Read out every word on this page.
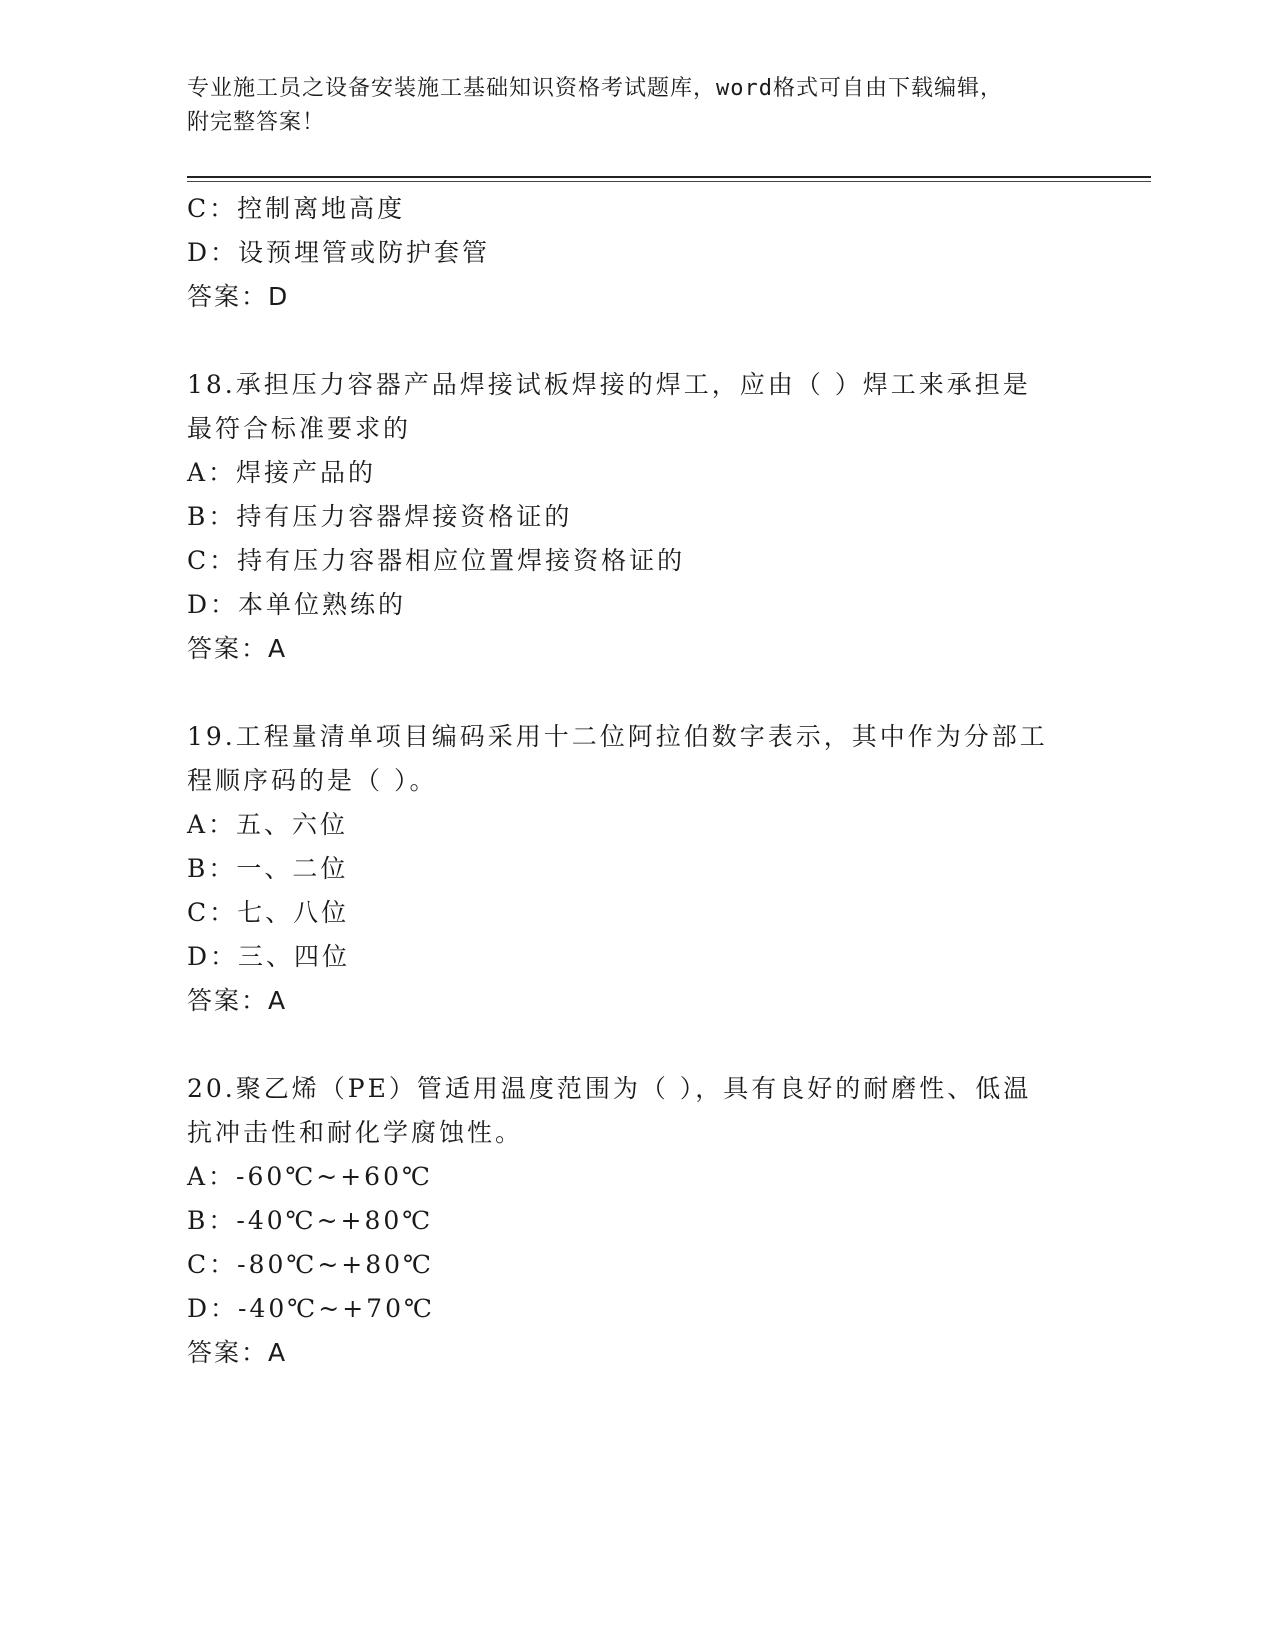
专业施工员之设备安装施工基础知识资格考试题库，word格式可自由下载编辑，
附完整答案！
C：控制离地高度
D：设预埋管或防护套管
答案：D
18.承担压力容器产品焊接试板焊接的焊工，应由（ ）焊工来承担是
最符合标准要求的
A：焊接产品的
B：持有压力容器焊接资格证的
C：持有压力容器相应位置焊接资格证的
D：本单位熟练的
答案：A
19.工程量清单项目编码采用十二位阿拉伯数字表示，其中作为分部工
程顺序码的是（ ）。
A：五、六位
B：一、二位
C：七、八位
D：三、四位
答案：A
20.聚乙烯（PE）管适用温度范围为（ ），具有良好的耐磨性、低温
抗冲击性和耐化学腐蚀性。
A：-60℃~+60℃
B：-40℃~+80℃
C：-80℃~+80℃
D：-40℃~+70℃
答案：A
